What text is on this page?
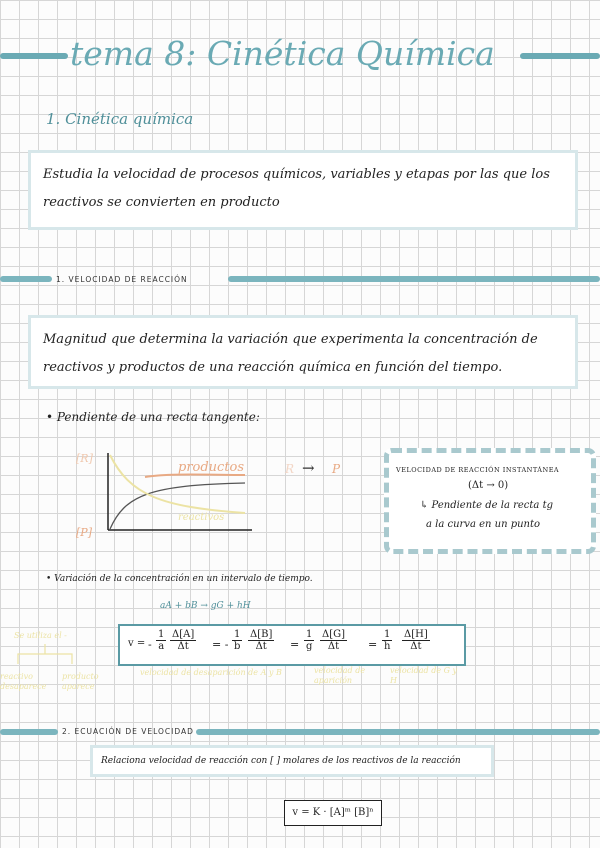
tema 8: Cinética Química
1. Cinética química
Estudia la velocidad de procesos químicos, variables y etapas por las que los reactivos se convierten en producto
1. VELOCIDAD DE REACCIÓN
Magnitud que determina la variación que experimenta la concentración de reactivos y productos de una reacción química en función del tiempo.
• Pendiente de una recta tangente:
[R]
[P]
productos
reactivos
R → P	VELOCIDAD DE REACCIÓN INSTANTÁNEA
(Δt → 0)
↳ Pendiente de la recta tg
a la curva en un punto
• Variación de la concentración en un intervalo de tiempo.
aA + bB → gG + hH
v = - $\frac{1}{a} \frac{\Delta[A]}{\Delta t}$ = - $\frac{1}{b} \frac{\Delta[B]}{\Delta t} = \frac{1}{g} \frac{\Delta[G]}{\Delta t} = \frac{1}{h} \frac{\Delta[H]}{\Delta t}$
Se utiliza el -
reactivo desaparece
producto aparece
velocidad de desaparición de A y B	velocidad de aparición
velocidad de G y H
2. ECUACIÓN DE VELOCIDAD
Relaciona velocidad de reacción con [ ] molares de los reactivos de la reacción
v = K · [A]ᵐ [B]ⁿ
